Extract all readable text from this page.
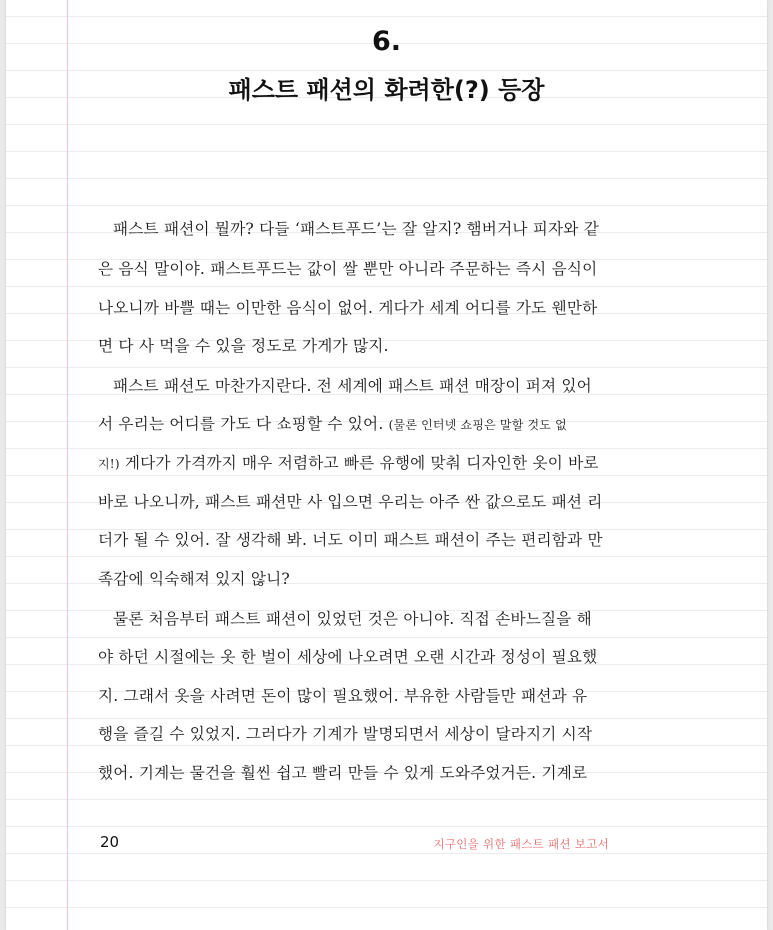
6.
패스트 패션의 화려한(?) 등장
패스트 패션이 뭘까? 다들 ‘패스트푸드’는 잘 알지? 햄버거나 피자와 같
은 음식 말이야. 패스트푸드는 값이 쌀 뿐만 아니라 주문하는 즉시 음식이
나오니까 바쁠 때는 이만한 음식이 없어. 게다가 세계 어디를 가도 웬만하
면 다 사 먹을 수 있을 정도로 가게가 많지.
패스트 패션도 마찬가지란다. 전 세계에 패스트 패션 매장이 퍼져 있어
서 우리는 어디를 가도 다 쇼핑할 수 있어. (물론 인터넷 쇼핑은 말할 것도 없
지!) 게다가 가격까지 매우 저렴하고 빠른 유행에 맞춰 디자인한 옷이 바로
바로 나오니까, 패스트 패션만 사 입으면 우리는 아주 싼 값으로도 패션 리
더가 될 수 있어. 잘 생각해 봐. 너도 이미 패스트 패션이 주는 편리함과 만
족감에 익숙해져 있지 않니?
물론 처음부터 패스트 패션이 있었던 것은 아니야. 직접 손바느질을 해
야 하던 시절에는 옷 한 벌이 세상에 나오려면 오랜 시간과 정성이 필요했
지. 그래서 옷을 사려면 돈이 많이 필요했어. 부유한 사람들만 패션과 유
행을 즐길 수 있었지. 그러다가 기계가 발명되면서 세상이 달라지기 시작
했어. 기계는 물건을 훨씬 쉽고 빨리 만들 수 있게 도와주었거든. 기계로
20	지구인을 위한 패스트 패션 보고서
